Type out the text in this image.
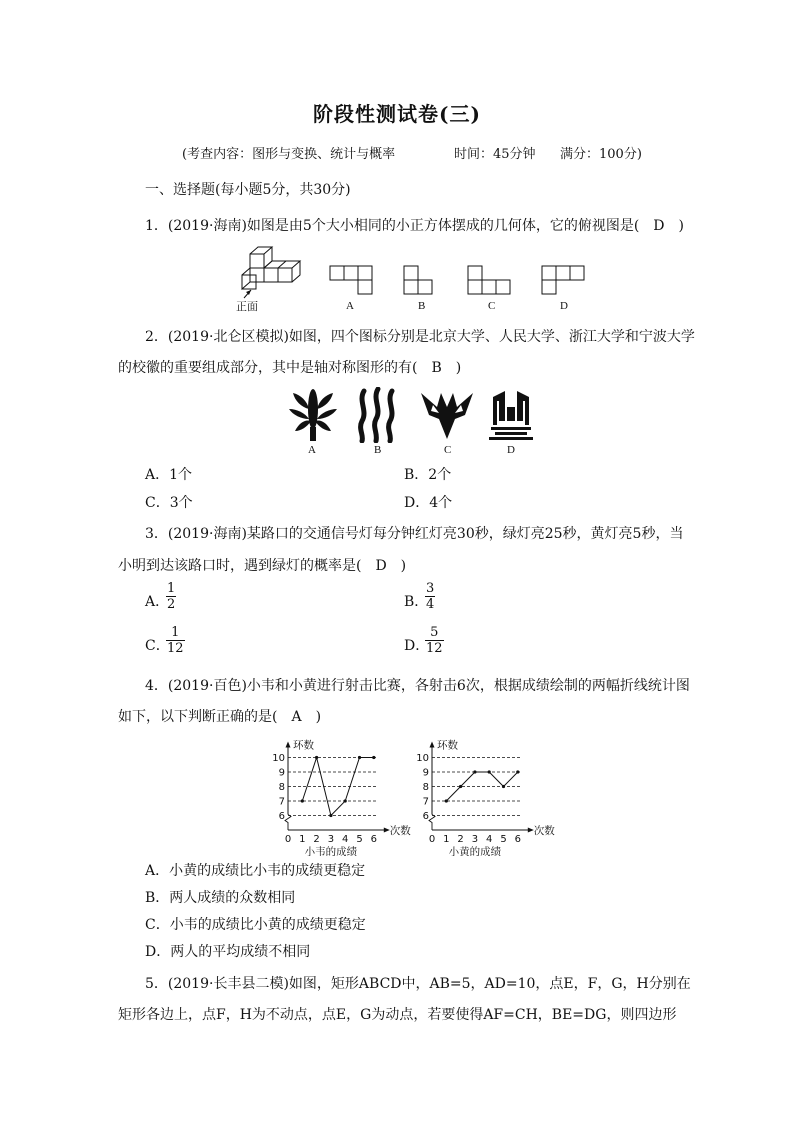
阶段性测试卷(三)
(考查内容：图形与变换、统计与概率	时间：45分钟 满分：100分)
一、选择题(每小题5分，共30分)
1．(2019·海南)如图是由5个大小相同的小正方体摆成的几何体，它的俯视图是(　D　)
正面	A	B	C	D
2．(2019·北仑区模拟)如图，四个图标分别是北京大学、人民大学、浙江大学和宁波大学
的校徽的重要组成部分，其中是轴对称图形的有(　B　)
A	B	C	D
A．1个	B．2个
C．3个	D．4个
3．(2019·海南)某路口的交通信号灯每分钟红灯亮30秒，绿灯亮25秒，黄灯亮5秒，当
小明到达该路口时，遇到绿灯的概率是(　D　)
A．
1
2	B．
3
4
C．
1
12	D．
5
12
4．(2019·百色)小韦和小黄进行射击比赛，各射击6次，根据成绩绘制的两幅折线统计图
如下，以下判断正确的是(　A　)
6
7
8
9
10
环数
次数
0 1 2 3 4 5 6
小韦的成绩
6
7
8
9
10
环数
次数
0 1 2 3 4 5 6
小黄的成绩
A．小黄的成绩比小韦的成绩更稳定
B．两人成绩的众数相同
C．小韦的成绩比小黄的成绩更稳定
D．两人的平均成绩不相同
5．(2019·长丰县二模)如图，矩形ABCD中，AB=5，AD=10，点E，F，G，H分别在
矩形各边上，点F，H为不动点，点E，G为动点，若要使得AF=CH，BE=DG，则四边形
